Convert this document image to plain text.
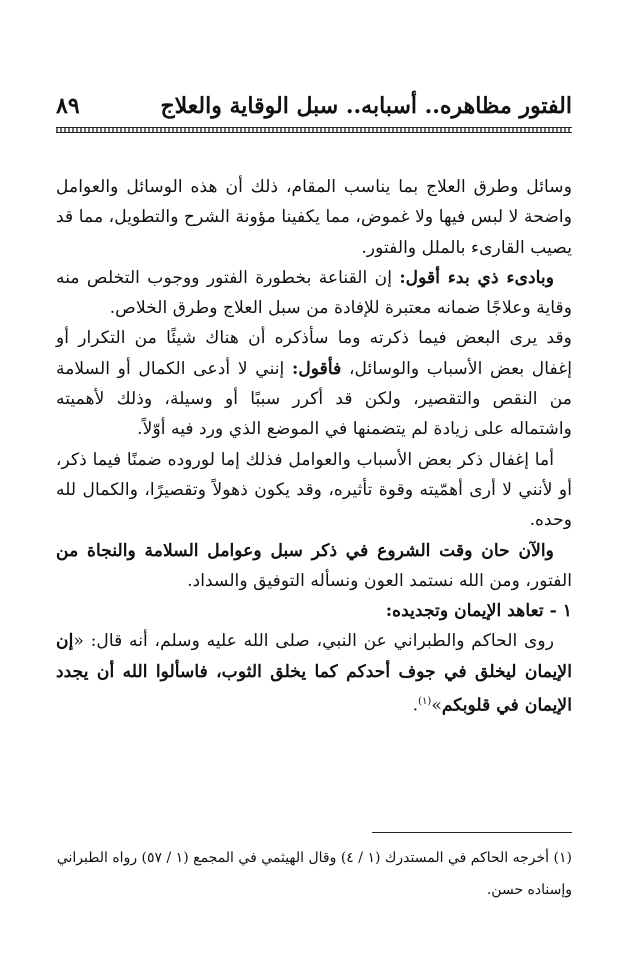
٨٩	الفتور مظاهره.. أسبابه.. سبل الوقاية والعلاج

وسائل وطرق العلاج بما يناسب المقام، ذلك أن هذه الوسائل والعوامل واضحة لا لبس فيها ولا غموض، مما يكفينا مؤونة الشرح والتطويل، مما قد يصيب القارىء بالملل والفتور.

وبادىء ذي بدء أقول: إن القناعة بخطورة الفتور ووجوب التخلص منه وقاية وعلاجًا ضمانه معتبرة للإفادة من سبل العلاج وطرق الخلاص.

وقد يرى البعض فيما ذكرته وما سأذكره أن هناك شيئًا من التكرار أو إغفال بعض الأسباب والوسائل، فأقول: إنني لا أدعى الكمال أو السلامة من النقص والتقصير، ولكن قد أكرر سببًا أو وسيلة، وذلك لأهميته واشتماله على زيادة لم يتضمنها في الموضع الذي ورد فيه أوّلاً.

أما إغفال ذكر بعض الأسباب والعوامل فذلك إما لوروده ضمنًا فيما ذكر، أو لأنني لا أرى أهمّيته وقوة تأثيره، وقد يكون ذهولاً وتقصيرًا، والكمال لله وحده.

والآن حان وقت الشروع في ذكر سبل وعوامل السلامة والنجاة من الفتور، ومن الله نستمد العون ونسأله التوفيق والسداد.

١ - تعاهد الإيمان وتجديده:

روى الحاكم والطبراني عن النبي، صلى الله عليه وسلم، أنه قال: «إن الإيمان ليخلق في جوف أحدكم كما يخلق الثوب، فاسألوا الله أن يجدد الإيمان في قلوبكم»$^{(١)}$.

(١) أخرجه الحاكم في المستدرك (١ / ٤) وقال الهيثمي في المجمع (١ / ٥٧) رواه الطبراني

وإسناده حسن.
